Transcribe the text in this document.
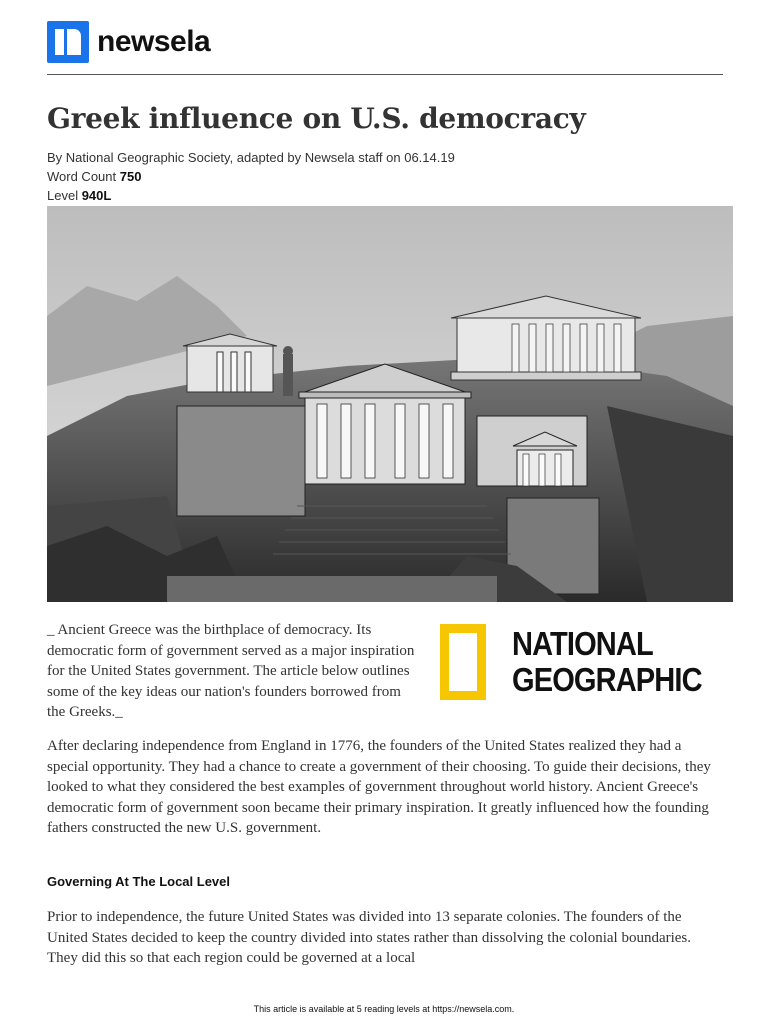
newsela
Greek influence on U.S. democracy
By National Geographic Society, adapted by Newsela staff on 06.14.19
Word Count 750
Level 940L
_ Ancient Greece was the birthplace of democracy. Its democratic form of government served as a major inspiration for the United States government. The article below outlines some of the key ideas our nation's founders borrowed from the Greeks._
NATIONAL
GEOGRAPHIC

After declaring independence from England in 1776, the founders of the United States realized they had a special opportunity. They had a chance to create a government of their choosing. To guide their decisions, they looked to what they considered the best examples of government throughout world history. Ancient Greece's democratic form of government soon became their primary inspiration. It greatly influenced how the founding fathers constructed the new U.S. government.

Governing At The Local Level

Prior to independence, the future United States was divided into 13 separate colonies. The founders of the United States decided to keep the country divided into states rather than dissolving the colonial boundaries. They did this so that each region could be governed at a local

This article is available at 5 reading levels at https://newsela.com.
